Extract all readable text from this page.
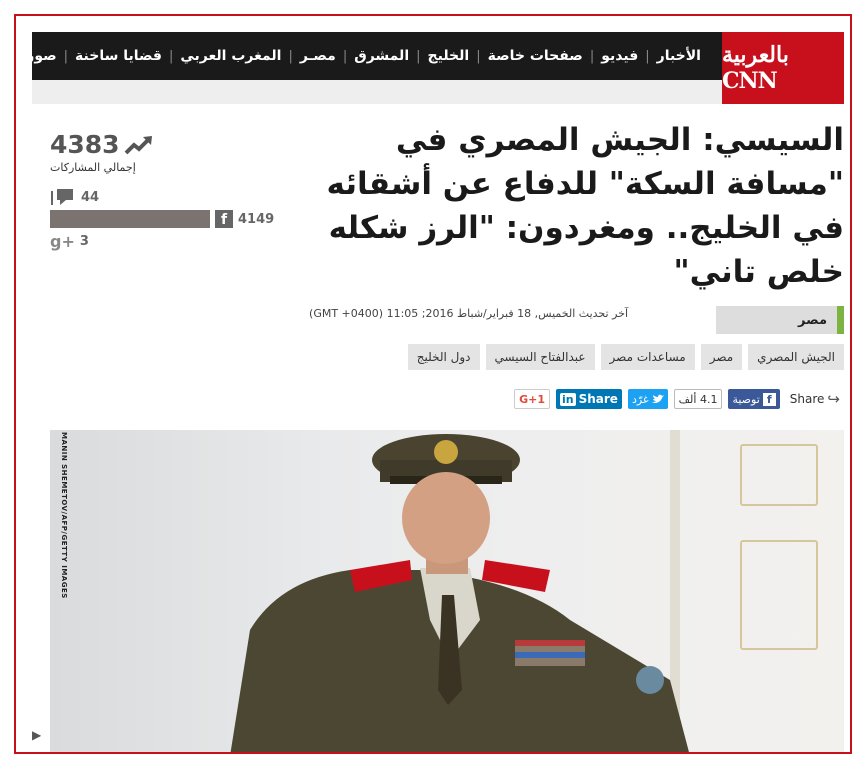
الأخبار
|
فيديو
|
صفحات خاصة
|
الخليج
|
المشرق
|
مصـر
|
المغرب العربي
|
قضايا ساخنة
|
صور	بالعربية CNN
السيسي: الجيش المصري في "مسافة السكة" للدفاع عن أشقائه في الخليج.. ومغردون: "الرز شكله خلص تاني"
4383
إجمالي المشاركات
44
f 4149
g+ 3
آخر تحديث الخميس, 18 فبراير/شباط 2016; 11:05 (GMT +0400)	مصر
الجيش المصري
مصر
مساعدات مصر
عبدالفتاح السيسي
دول الخليج
Share ↪
f
توصية
4.1 ألف
غرّد
in Share
G+1
MANIN SHEMETOV/AFP/GETTY IMAGES
▶
